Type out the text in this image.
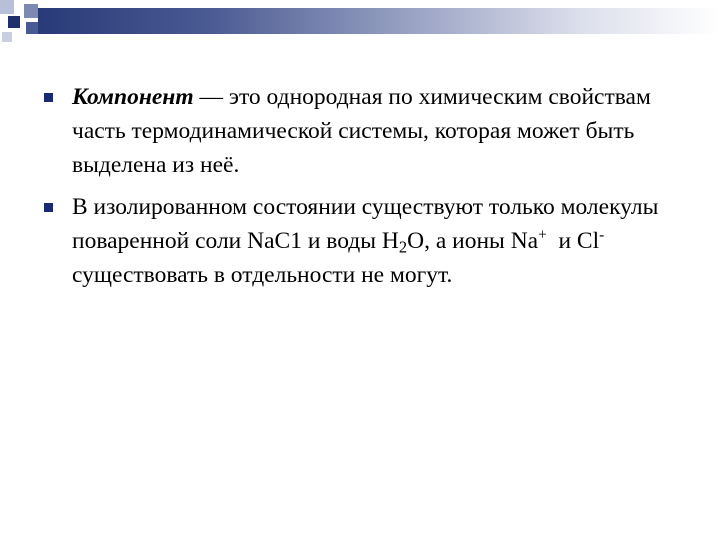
Компонент — это однородная по химическим свойствам часть термодинамической системы, которая может быть выделена из неё.
В изолированном состоянии существуют только молекулы поваренной соли NaC1 и воды $H_2O$, а ионы Na+  и Cl- существовать в отдельности не могут.
